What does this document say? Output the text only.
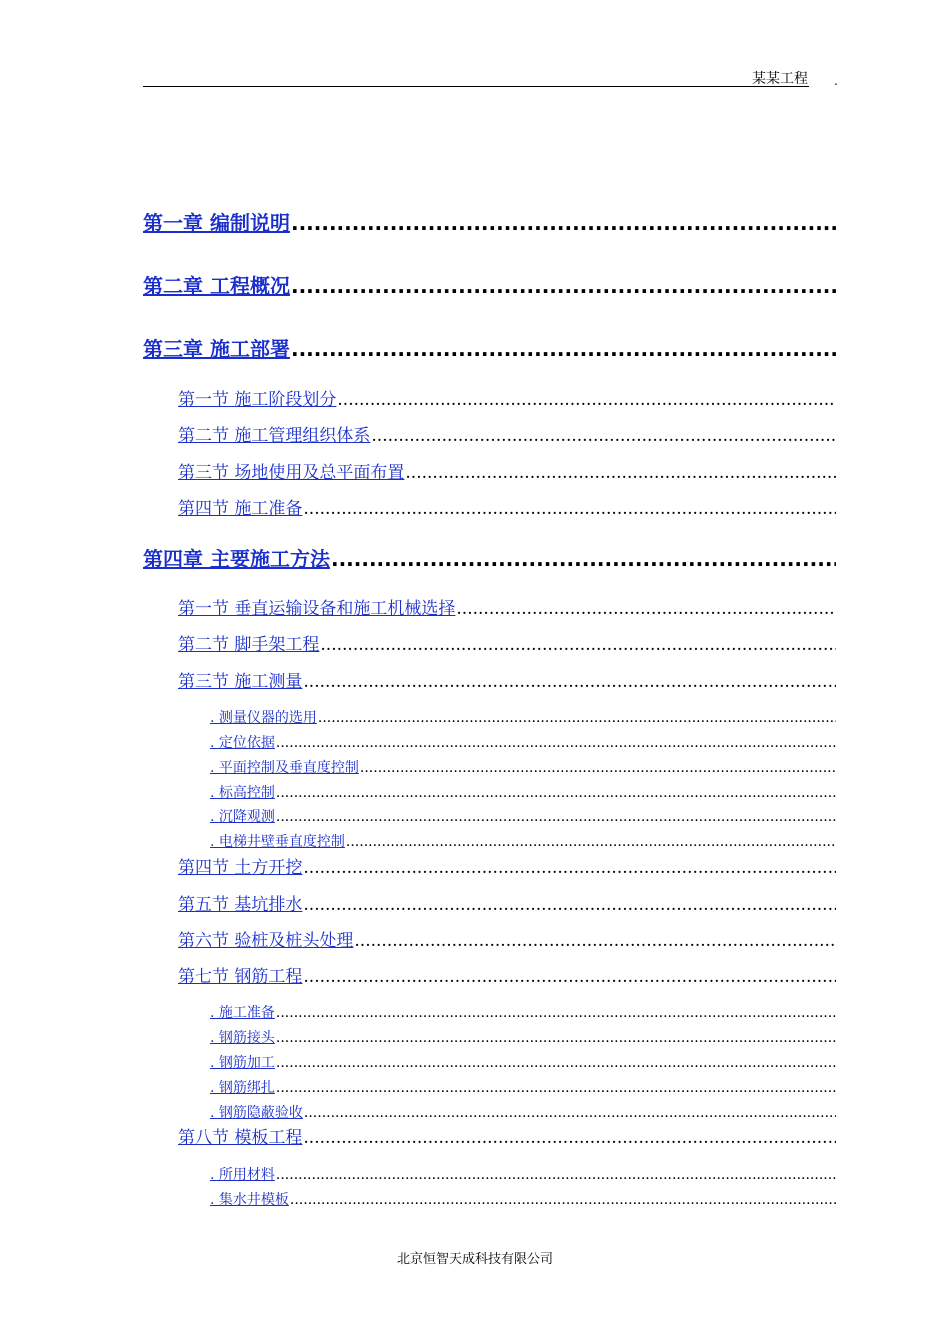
某某工程 .
第一章 编制说明
.....
第二章 工程概况
.....
第三章 施工部署
.....
第一节 施工阶段划分
.....
第二节 施工管理组织体系
.....
第三节 场地使用及总平面布置
.....
第四节 施工准备
.....
第四章 主要施工方法
.....
第一节 垂直运输设备和施工机械选择
.....
第二节 脚手架工程
.....
第三节 施工测量
.....
. 测量仪器的选用
.....
. 定位依据
.....
. 平面控制及垂直度控制
.....
. 标高控制
.....
. 沉降观测
.....
. 电梯井壁垂直度控制
.....
第四节 土方开挖
.....
第五节 基坑排水
.....
第六节 验桩及桩头处理
.....
第七节 钢筋工程
.....
. 施工准备
.....
. 钢筋接头
.....
. 钢筋加工
.....
. 钢筋绑扎
.....
. 钢筋隐蔽验收
.....
第八节 模板工程
.....
. 所用材料
.....
. 集水井模板
.....
北京恒智天成科技有限公司
